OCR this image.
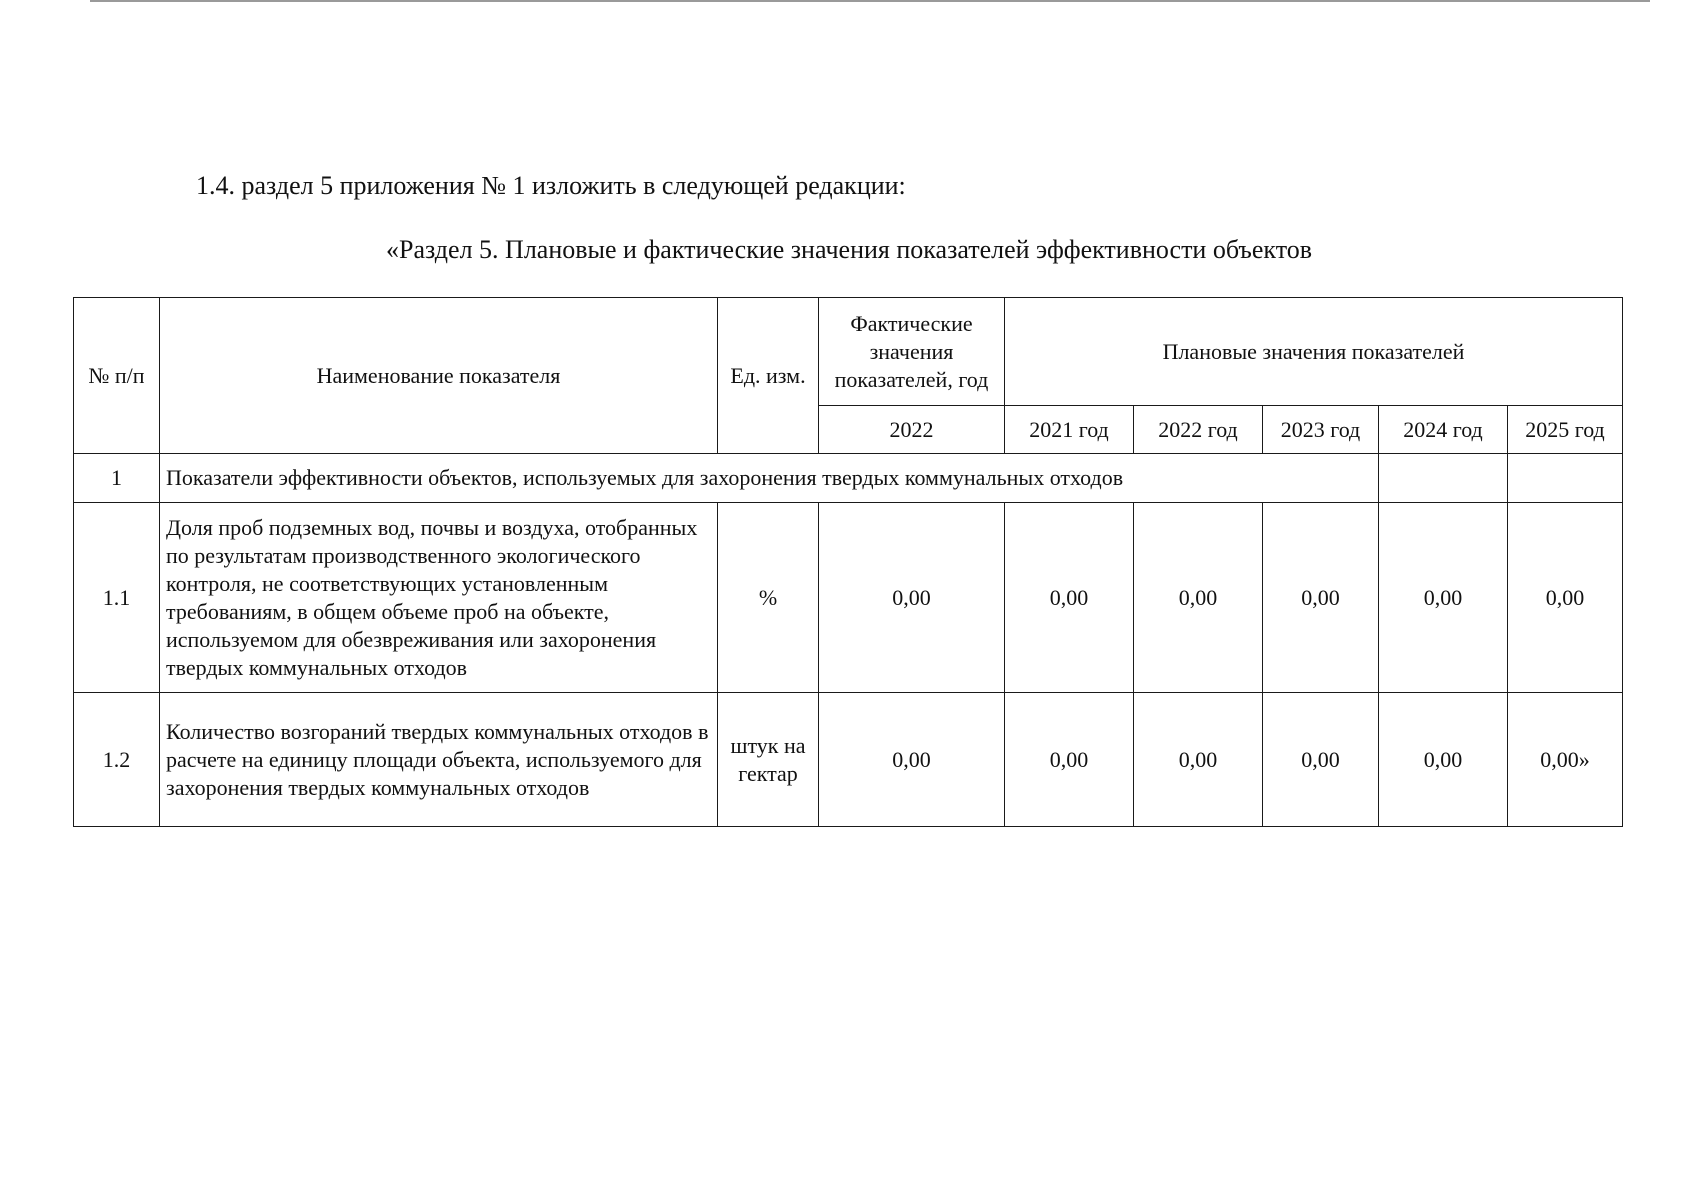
1.4. раздел 5 приложения № 1 изложить в следующей редакции:
«Раздел 5. Плановые и фактические значения показателей эффективности объектов
№ п/п	Наименование показателя	Ед. изм.	Фактические значения показателей, год	Плановые значения показателей				
			2022	2021 год	2022 год	2023 год	2024 год	2025 год
1	Показатели эффективности объектов, используемых для захоронения твердых коммунальных отходов							
1.1	Доля проб подземных вод, почвы и воздуха, отобранных по результатам производственного экологического контроля, не соответствующих установленным требованиям, в общем объеме проб на объекте, используемом для обезвреживания или захоронения твердых коммунальных отходов	%	0,00	0,00	0,00	0,00	0,00	0,00
1.2	Количество возгораний твердых коммунальных отходов в расчете на единицу площади объекта, используемого для захоронения твердых коммунальных отходов	штук на гектар	0,00	0,00	0,00	0,00	0,00	0,00»
